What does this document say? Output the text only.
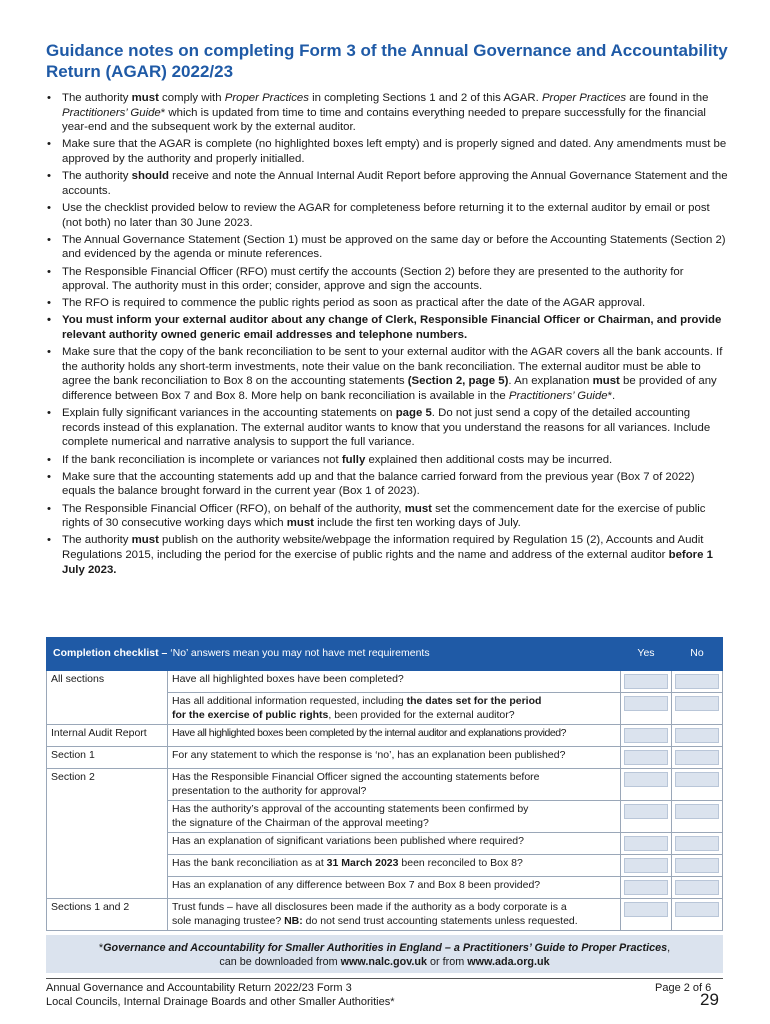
Guidance notes on completing Form 3 of the Annual Governance and Accountability Return (AGAR) 2022/23
• The authority must comply with Proper Practices in completing Sections 1 and 2 of this AGAR. Proper Practices are found in the Practitioners’ Guide* which is updated from time to time and contains everything needed to prepare successfully for the financial year-end and the subsequent work by the external auditor.
• Make sure that the AGAR is complete (no highlighted boxes left empty) and is properly signed and dated. Any amendments must be approved by the authority and properly initialled.
• The authority should receive and note the Annual Internal Audit Report before approving the Annual Governance Statement and the accounts.
• Use the checklist provided below to review the AGAR for completeness before returning it to the external auditor by email or post (not both) no later than 30 June 2023.
• The Annual Governance Statement (Section 1) must be approved on the same day or before the Accounting Statements (Section 2) and evidenced by the agenda or minute references.
• The Responsible Financial Officer (RFO) must certify the accounts (Section 2) before they are presented to the authority for approval. The authority must in this order; consider, approve and sign the accounts.
• The RFO is required to commence the public rights period as soon as practical after the date of the AGAR approval.
• You must inform your external auditor about any change of Clerk, Responsible Financial Officer or Chairman, and provide relevant authority owned generic email addresses and telephone numbers.
• Make sure that the copy of the bank reconciliation to be sent to your external auditor with the AGAR covers all the bank accounts. If the authority holds any short-term investments, note their value on the bank reconciliation. The external auditor must be able to agree the bank reconciliation to Box 8 on the accounting statements (Section 2, page 5). An explanation must be provided of any difference between Box 7 and Box 8. More help on bank reconciliation is available in the Practitioners’ Guide*.
• Explain fully significant variances in the accounting statements on page 5. Do not just send a copy of the detailed accounting records instead of this explanation. The external auditor wants to know that you understand the reasons for all variances. Include complete numerical and narrative analysis to support the full variance.
• If the bank reconciliation is incomplete or variances not fully explained then additional costs may be incurred.
• Make sure that the accounting statements add up and that the balance carried forward from the previous year (Box 7 of 2022) equals the balance brought forward in the current year (Box 1 of 2023).
• The Responsible Financial Officer (RFO), on behalf of the authority, must set the commencement date for the exercise of public rights of 30 consecutive working days which must include the first ten working days of July.
• The authority must publish on the authority website/webpage the information required by Regulation 15 (2), Accounts and Audit Regulations 2015, including the period for the exercise of public rights and the name and address of the external auditor before 1 July 2023.
Completion checklist – ‘No’ answers mean you may not have met requirements		Yes	No
All sections	Have all highlighted boxes have been completed?	

	Has all additional information requested, including the dates set for the period
for the exercise of public rights, been provided for the external auditor?	

Internal Audit Report	Have all highlighted boxes been completed by the internal auditor and explanations provided?	

Section 1	For any statement to which the response is ‘no’, has an explanation been published?	

Section 2	Has the Responsible Financial Officer signed the accounting statements before
presentation to the authority for approval?	

	Has the authority’s approval of the accounting statements been confirmed by
the signature of the Chairman of the approval meeting?	

	Has an explanation of significant variations been published where required?	

	Has the bank reconciliation as at 31 March 2023 been reconciled to Box 8?	

	Has an explanation of any difference between Box 7 and Box 8 been provided?	

Sections 1 and 2	Trust funds – have all disclosures been made if the authority as a body corporate is a
sole managing trustee? NB: do not send trust accounting statements unless requested.	

*Governance and Accountability for Smaller Authorities in England – a Practitioners’ Guide to Proper Practices,
can be downloaded from www.nalc.gov.uk or from www.ada.org.uk
Annual Governance and Accountability Return 2022/23 Form 3
Local Councils, Internal Drainage Boards and other Smaller Authorities*
Page 2 of 6
29
